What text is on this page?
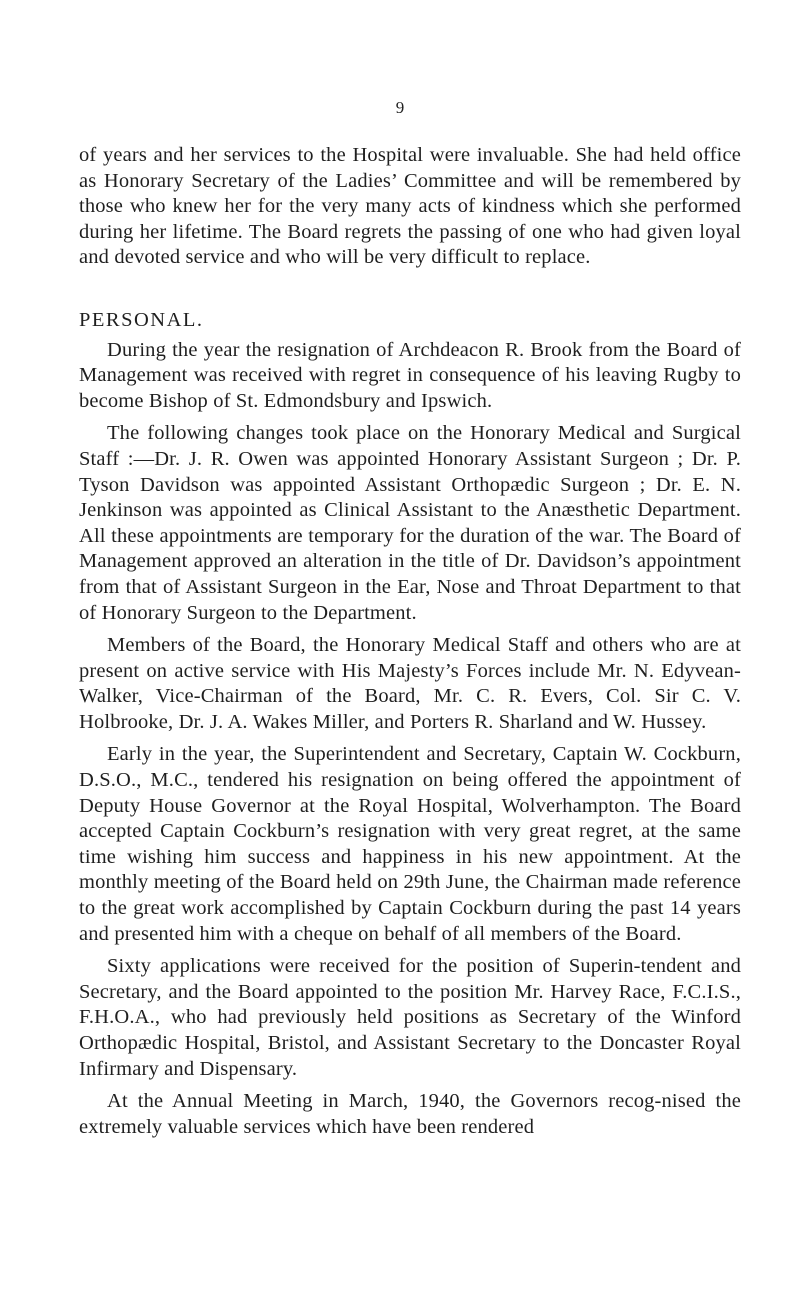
9

of years and her services to the Hospital were invaluable. She had held office as Honorary Secretary of the Ladies’ Committee and will be remembered by those who knew her for the very many acts of kindness which she performed during her lifetime. The Board regrets the passing of one who had given loyal and devoted service and who will be very difficult to replace.

PERSONAL.

During the year the resignation of Archdeacon R. Brook from the Board of Management was received with regret in consequence of his leaving Rugby to become Bishop of St. Edmondsbury and Ipswich.

The following changes took place on the Honorary Medical and Surgical Staff :—Dr. J. R. Owen was appointed Honorary Assistant Surgeon ; Dr. P. Tyson Davidson was appointed Assistant Orthopædic Surgeon ; Dr. E. N. Jenkinson was appointed as Clinical Assistant to the Anæsthetic Department. All these appointments are temporary for the duration of the war. The Board of Management approved an alteration in the title of Dr. Davidson’s appointment from that of Assistant Surgeon in the Ear, Nose and Throat Department to that of Honorary Surgeon to the Department.

Members of the Board, the Honorary Medical Staff and others who are at present on active service with His Majesty’s Forces include Mr. N. Edyvean-Walker, Vice-Chairman of the Board, Mr. C. R. Evers, Col. Sir C. V. Holbrooke, Dr. J. A. Wakes Miller, and Porters R. Sharland and W. Hussey.

Early in the year, the Superintendent and Secretary, Captain W. Cockburn, D.S.O., M.C., tendered his resignation on being offered the appointment of Deputy House Governor at the Royal Hospital, Wolverhampton. The Board accepted Captain Cockburn’s resignation with very great regret, at the same time wishing him success and happiness in his new appointment. At the monthly meeting of the Board held on 29th June, the Chairman made reference to the great work accomplished by Captain Cockburn during the past 14 years and presented him with a cheque on behalf of all members of the Board.

Sixty applications were received for the position of Superin-tendent and Secretary, and the Board appointed to the position Mr. Harvey Race, F.C.I.S., F.H.O.A., who had previously held positions as Secretary of the Winford Orthopædic Hospital, Bristol, and Assistant Secretary to the Doncaster Royal Infirmary and Dispensary.

At the Annual Meeting in March, 1940, the Governors recog-nised the extremely valuable services which have been rendered
